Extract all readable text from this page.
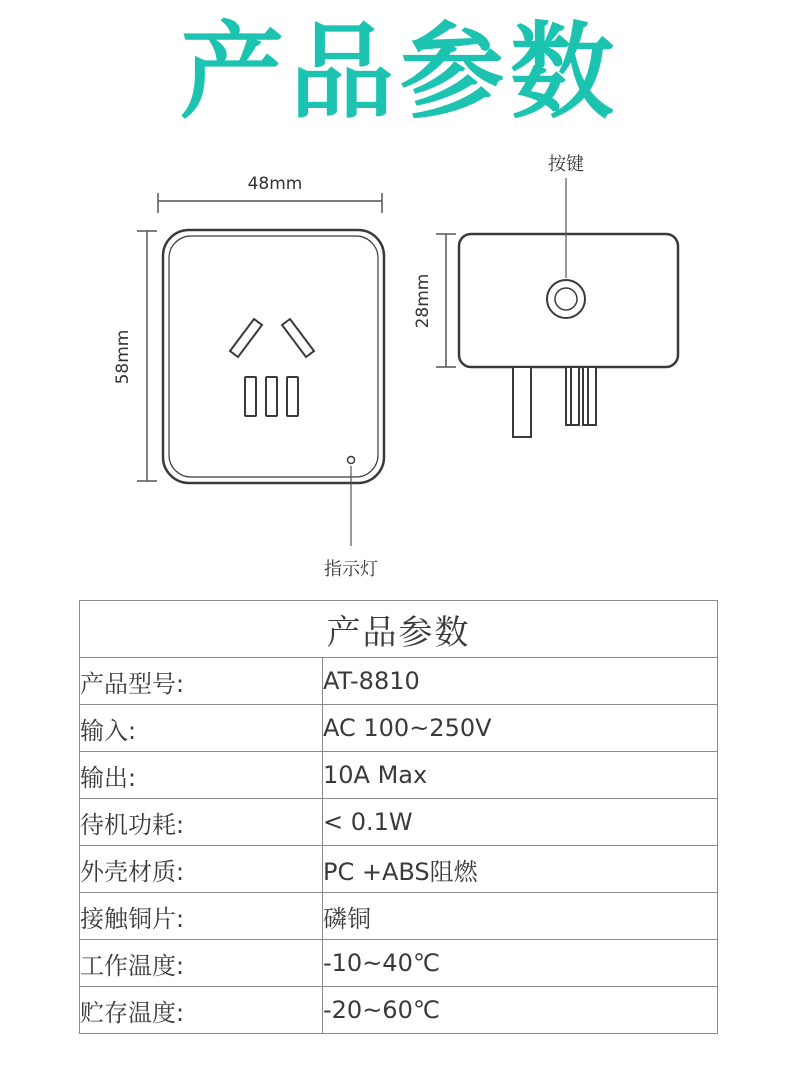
产品参数
48mm
58mm
指示灯
28mm
按键
产品参数	
产品型号:	AT-8810
输入:	AC 100~250V
输出:	10A Max
待机功耗:	< 0.1W
外壳材质:	PC +ABS阻燃
接触铜片:	磷铜
工作温度:	-10~40℃
贮存温度:	-20~60℃
